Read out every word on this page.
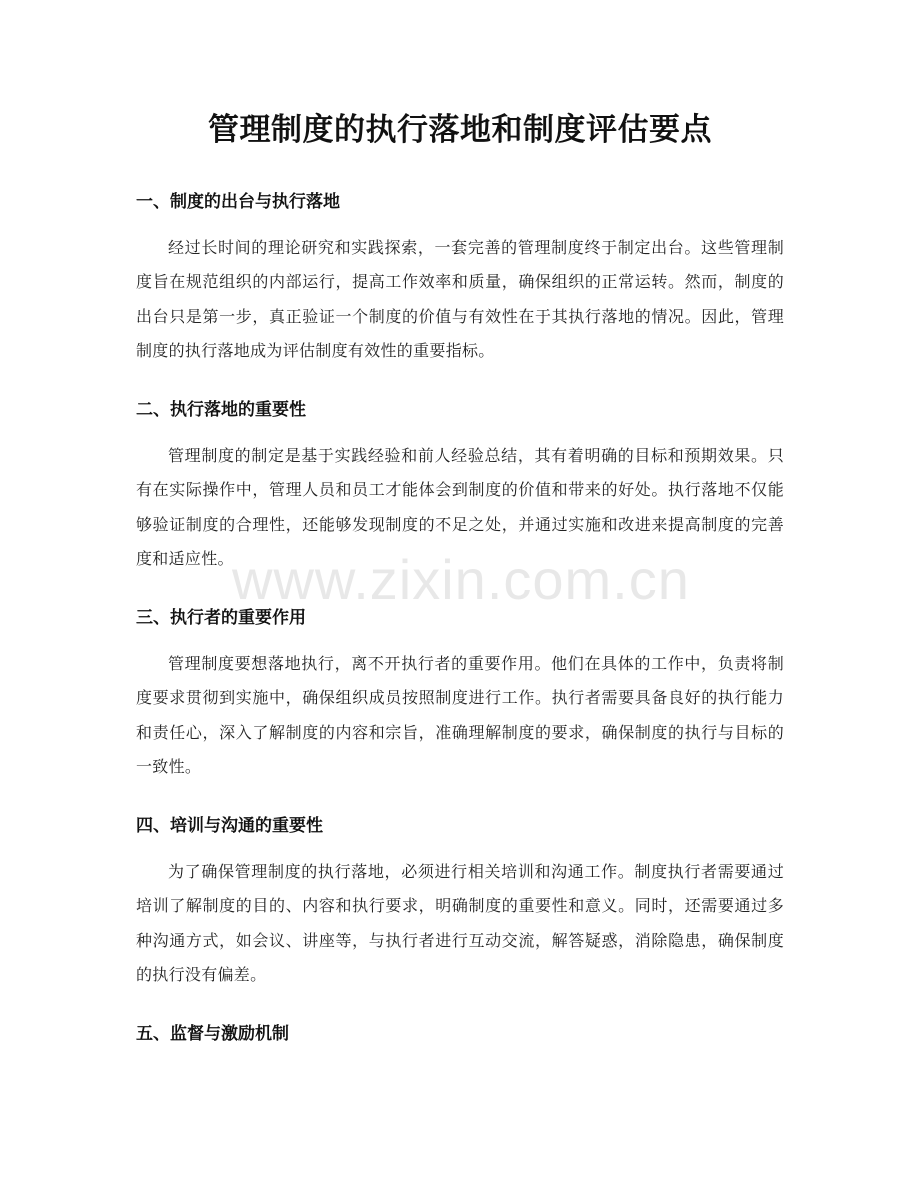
管理制度的执行落地和制度评估要点
一、制度的出台与执行落地

经过长时间的理论研究和实践探索，一套完善的管理制度终于制定出台。这些管理制度旨在规范组织的内部运行，提高工作效率和质量，确保组织的正常运转。然而，制度的出台只是第一步，真正验证一个制度的价值与有效性在于其执行落地的情况。因此，管理制度的执行落地成为评估制度有效性的重要指标。

二、执行落地的重要性

管理制度的制定是基于实践经验和前人经验总结，其有着明确的目标和预期效果。只有在实际操作中，管理人员和员工才能体会到制度的价值和带来的好处。执行落地不仅能够验证制度的合理性，还能够发现制度的不足之处，并通过实施和改进来提高制度的完善度和适应性。

三、执行者的重要作用

管理制度要想落地执行，离不开执行者的重要作用。他们在具体的工作中，负责将制度要求贯彻到实施中，确保组织成员按照制度进行工作。执行者需要具备良好的执行能力和责任心，深入了解制度的内容和宗旨，准确理解制度的要求，确保制度的执行与目标的一致性。

四、培训与沟通的重要性

为了确保管理制度的执行落地，必须进行相关培训和沟通工作。制度执行者需要通过培训了解制度的目的、内容和执行要求，明确制度的重要性和意义。同时，还需要通过多种沟通方式，如会议、讲座等，与执行者进行互动交流，解答疑惑，消除隐患，确保制度的执行没有偏差。

五、监督与激励机制
www.zixin.com.cn
